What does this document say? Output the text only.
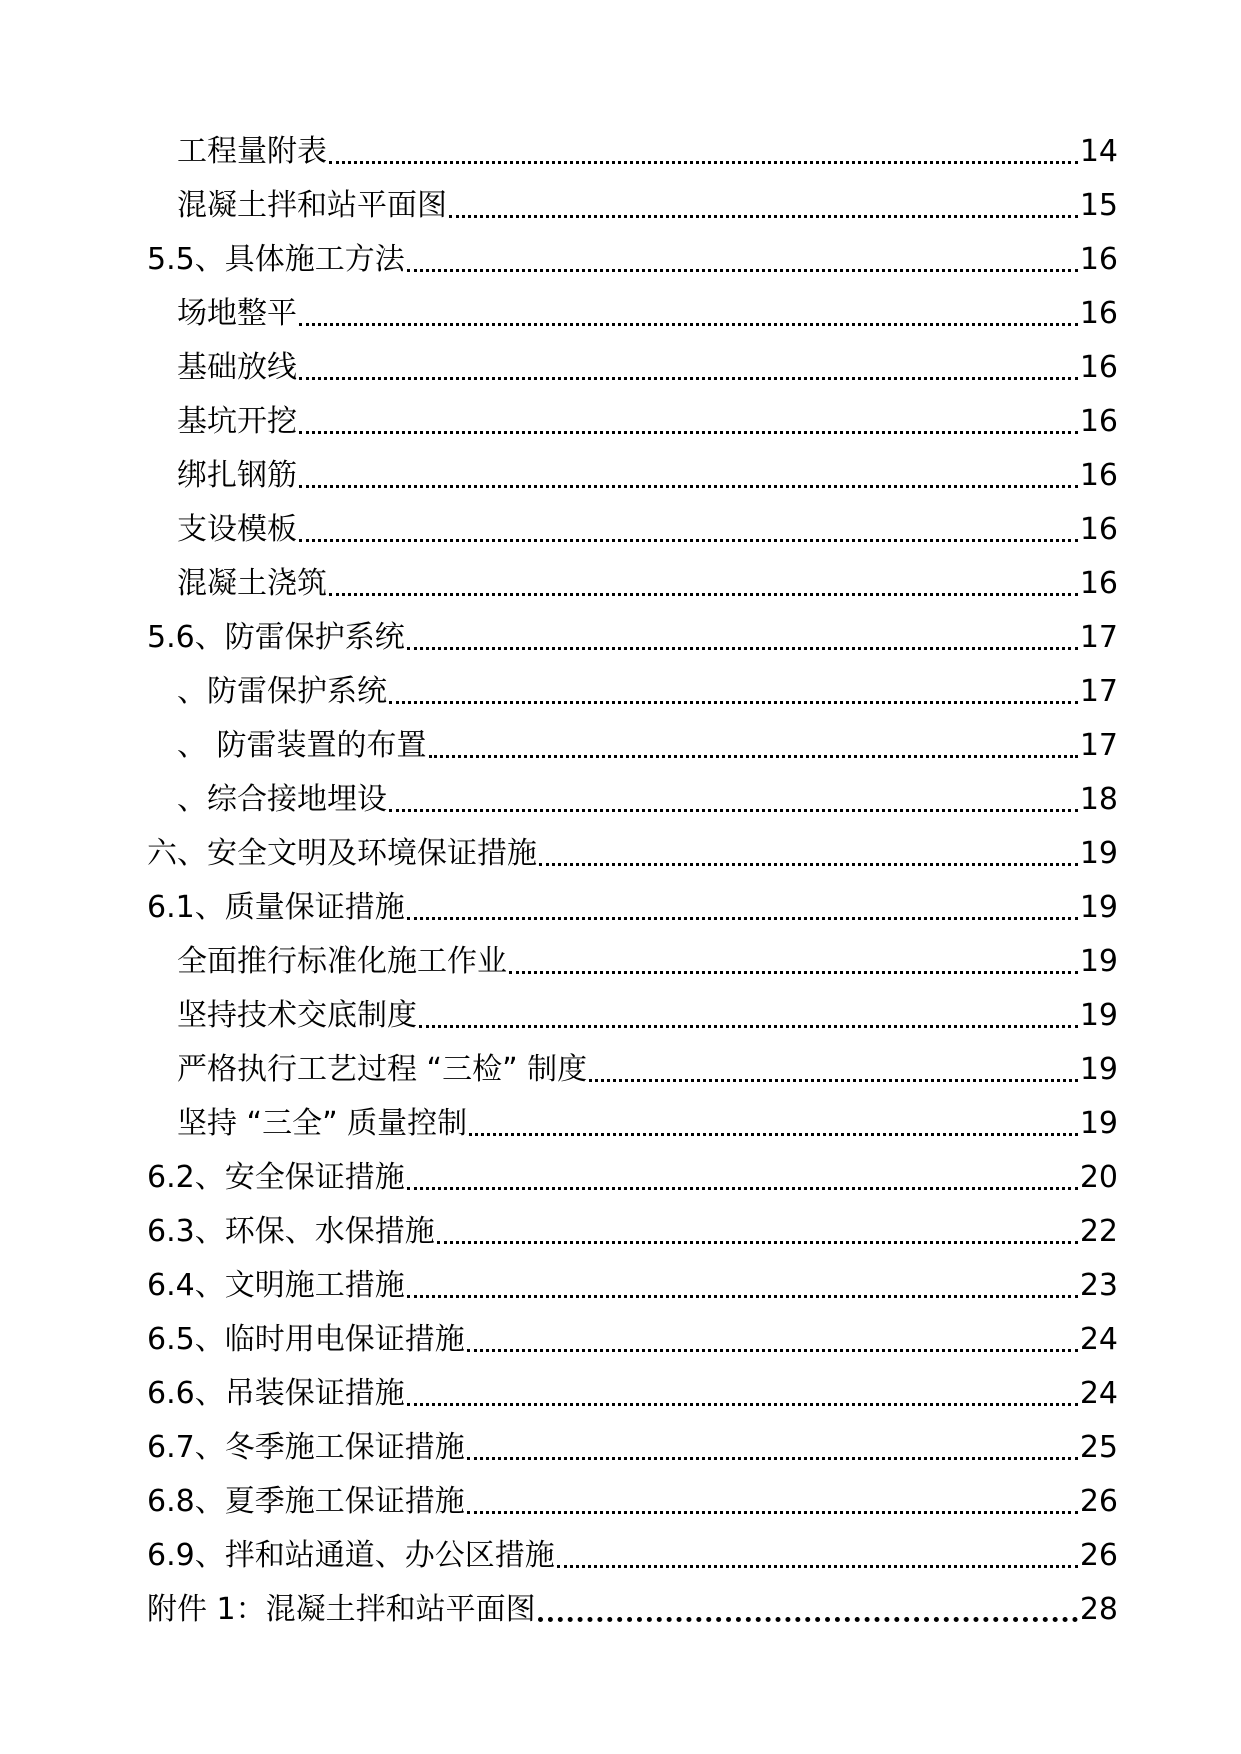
工程量附表	14
混凝土拌和站平面图	15
5.5、具体施工方法	16
场地整平	16
基础放线	16
基坑开挖	16
绑扎钢筋	16
支设模板	16
混凝土浇筑	16
5.6、防雷保护系统	17
、防雷保护系统	17
、 防雷装置的布置	17
、综合接地埋设	18
六、安全文明及环境保证措施	19
6.1、质量保证措施	19
全面推行标准化施工作业	19
坚持技术交底制度	19
严格执行工艺过程 “三检” 制度	19
坚持 “三全” 质量控制	19
6.2、安全保证措施	20
6.3、环保、水保措施	22
6.4、文明施工措施	23
6.5、临时用电保证措施	24
6.6、吊装保证措施	24
6.7、冬季施工保证措施	25
6.8、夏季施工保证措施	26
6.9、拌和站通道、办公区措施	26
附件 1：混凝土拌和站平面图	28
